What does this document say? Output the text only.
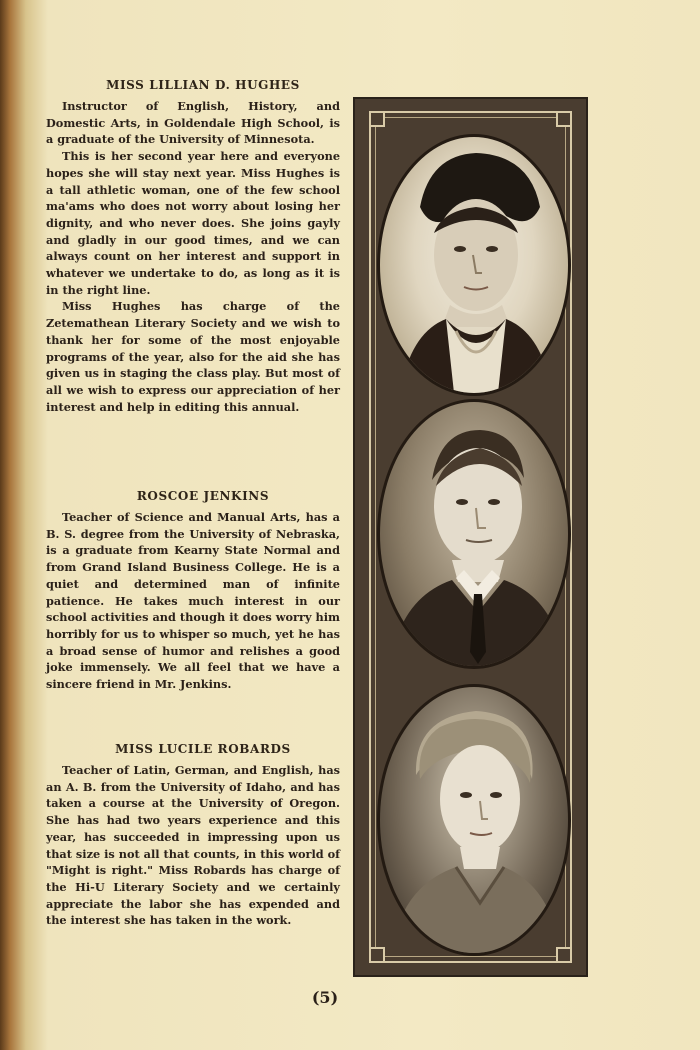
MISS LILLIAN D. HUGHES

Instructor of English, History, and Domestic Arts, in Goldendale High School, is a graduate of the University of Minnesota.

This is her second year here and everyone hopes she will stay next year. Miss Hughes is a tall athletic woman, one of the few school ma'ams who does not worry about losing her dignity, and who never does. She joins gayly and gladly in our good times, and we can always count on her interest and support in whatever we undertake to do, as long as it is in the right line.

Miss Hughes has charge of the Zetemathean Literary Society and we wish to thank her for some of the most enjoyable programs of the year, also for the aid she has given us in staging the class play. But most of all we wish to express our appreciation of her interest and help in editing this annual.

ROSCOE JENKINS

Teacher of Science and Manual Arts, has a B. S. degree from the University of Nebraska, is a graduate from Kearny State Normal and from Grand Island Business College. He is a quiet and determined man of infinite patience. He takes much interest in our school activities and though it does worry him horribly for us to whisper so much, yet he has a broad sense of humor and relishes a good joke immensely. We all feel that we have a sincere friend in Mr. Jenkins.

MISS LUCILE ROBARDS

Teacher of Latin, German, and English, has an A. B. from the University of Idaho, and has taken a course at the University of Oregon. She has had two years experience and this year, has succeeded in impressing upon us that size is not all that counts, in this world of "Might is right." Miss Robards has charge of the Hi-U Literary Society and we certainly appreciate the labor she has expended and the interest she has taken in the work.

(5)
